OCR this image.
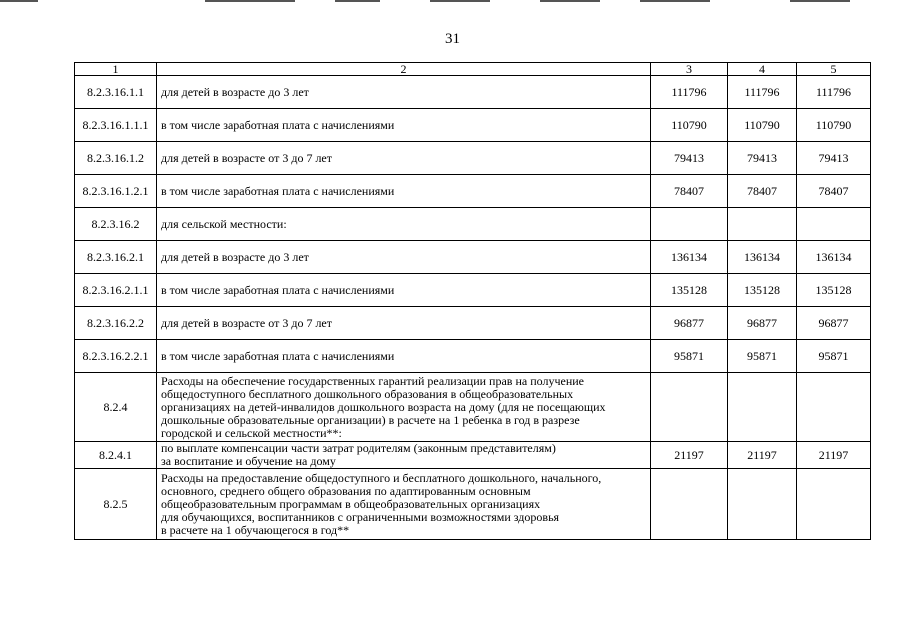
31
1	2	3	4	5
8.2.3.16.1.1	для детей в возрасте до 3 лет	111796	111796	111796
8.2.3.16.1.1.1	в том числе заработная плата с начислениями	110790	110790	110790
8.2.3.16.1.2	для детей в возрасте от 3 до 7 лет	79413	79413	79413
8.2.3.16.1.2.1	в том числе заработная плата с начислениями	78407	78407	78407
8.2.3.16.2	для сельской местности:			

8.2.3.16.2.1	для детей в возрасте до 3 лет	136134	136134	136134
8.2.3.16.2.1.1	в том числе заработная плата с начислениями	135128	135128	135128
8.2.3.16.2.2	для детей в возрасте от 3 до 7 лет	96877	96877	96877
8.2.3.16.2.2.1	в том числе заработная плата с начислениями	95871	95871	95871
8.2.4	Расходы на обеспечение государственных гарантий реализации прав на получение
общедоступного бесплатного дошкольного образования в общеобразовательных
организациях на детей-инвалидов дошкольного возраста на дому (для не посещающих
дошкольные образовательные организации) в расчете на 1 ребенка в год в разрезе
городской и сельской местности**:			

8.2.4.1	по выплате компенсации части затрат родителям (законным представителям)
за воспитание и обучение на дому	21197	21197	21197
8.2.5	Расходы на предоставление общедоступного и бесплатного дошкольного, начального,
основного, среднего общего образования по адаптированным основным
общеобразовательным программам в общеобразовательных организациях
для обучающихся, воспитанников с ограниченными возможностями здоровья
в расчете на 1 обучающегося в год**			
